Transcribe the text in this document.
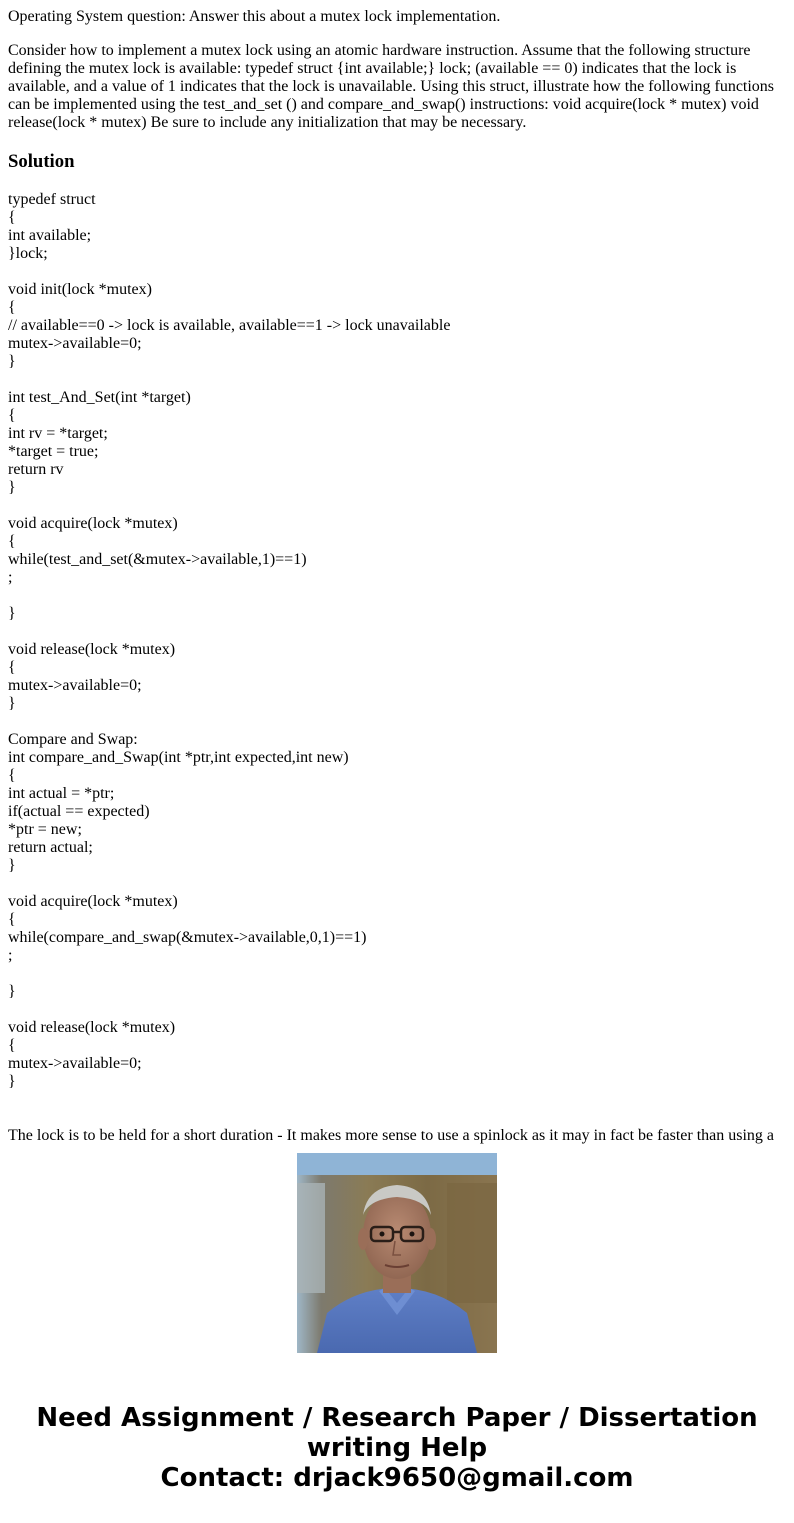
Operating System question: Answer this about a mutex lock implementation.

Consider how to implement a mutex lock using an atomic hardware instruction. Assume that the following structure defining the mutex lock is available: typedef struct {int available;} lock; (available == 0) indicates that the lock is available, and a value of 1 indicates that the lock is unavailable. Using this struct, illustrate how the following functions can be implemented using the test_and_set () and compare_and_swap() instructions: void acquire(lock * mutex) void release(lock * mutex) Be sure to include any initialization that may be necessary.

Solution
typedef struct
{
int available;
}lock;
void init(lock *mutex)
{
// available==0 -> lock is available, available==1 -> lock unavailable
mutex->available=0;
}
int test_And_Set(int *target)
{
int rv = *target;
*target = true;
return rv
}
void acquire(lock *mutex)
{
while(test_and_set(&mutex->available,1)==1)
;
}
void release(lock *mutex)
{
mutex->available=0;
}
Compare and Swap:
int compare_and_Swap(int *ptr,int expected,int new)
{
int actual = *ptr;
if(actual == expected)
*ptr = new;
return actual;
}
void acquire(lock *mutex)
{
while(compare_and_swap(&mutex->available,0,1)==1)
;
}
void release(lock *mutex)
{
mutex->available=0;
}

The lock is to be held for a short duration - It makes more sense to use a spinlock as it may in fact be faster than using a

Need Assignment / Research Paper / Dissertation
writing Help
Contact: drjack9650@gmail.com
